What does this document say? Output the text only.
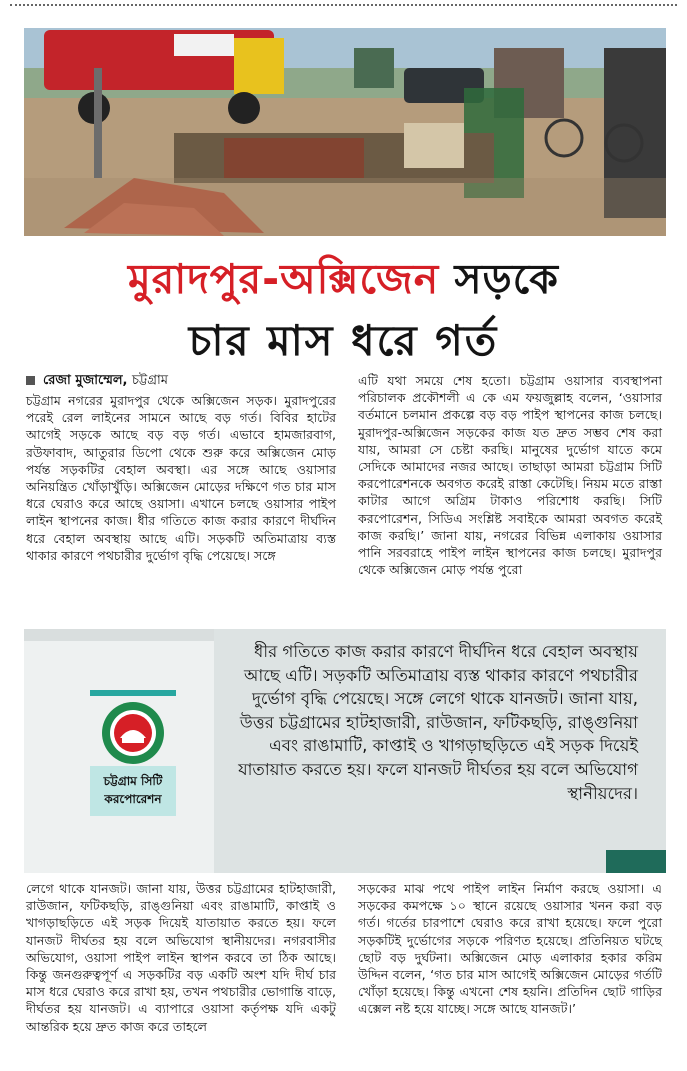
মুরাদপুর-অক্সিজেন সড়কে
চার মাস ধরে গর্ত
রেজা মুজাম্মেল, চট্টগ্রাম
চট্টগ্রাম নগরের মুরাদপুর থেকে অক্সিজেন সড়ক। মুরাদপুরের পরেই রেল লাইনের সামনে আছে বড় গর্ত। বিবির হাটের আগেই সড়কে আছে বড় বড় গর্ত। এভাবে হামজারবাগ, রউফাবাদ, আতুরার ডিপো থেকে শুরু করে অক্সিজেন মোড় পর্যন্ত সড়কটির বেহাল অবস্থা। এর সঙ্গে আছে ওয়াসার অনিয়ন্ত্রিত খোঁড়াখুঁড়ি। অক্সিজেন মোড়ের দক্ষিণে গত চার মাস ধরে ঘেরাও করে আছে ওয়াসা। এখানে চলছে ওয়াসার পাইপ লাইন স্থাপনের কাজ। ধীর গতিতে কাজ করার কারণে দীর্ঘদিন ধরে বেহাল অবস্থায় আছে এটি। সড়কটি অতিমাত্রায় ব্যস্ত থাকার কারণে পথচারীর দুর্ভোগ বৃদ্ধি পেয়েছে। সঙ্গে
এটি যথা সময়ে শেষ হতো। চট্টগ্রাম ওয়াসার ব্যবস্থাপনা পরিচালক প্রকৌশলী এ কে এম ফয়জুল্লাহ বলেন, ‘ওয়াসার বর্তমানে চলমান প্রকল্পে বড় বড় পাইপ স্থাপনের কাজ চলছে। মুরাদপুর-অক্সিজেন সড়কের কাজ যত দ্রুত সম্ভব শেষ করা যায়, আমরা সে চেষ্টা করছি। মানুষের দুর্ভোগ যাতে কমে সেদিকে আমাদের নজর আছে। তাছাড়া আমরা চট্টগ্রাম সিটি করপোরেশনকে অবগত করেই রাস্তা কেটেছি। নিয়ম মতে রাস্তা কাটার আগে অগ্রিম টাকাও পরিশোধ করছি। সিটি করপোরেশন, সিডিএ সংশ্লিষ্ট সবাইকে আমরা অবগত করেই কাজ করছি।’ জানা যায়, নগরের বিভিন্ন এলাকায় ওয়াসার পানি সরবরাহে পাইপ লাইন স্থাপনের কাজ চলছে। মুরাদপুর থেকে অক্সিজেন মোড় পর্যন্ত পুরো
চট্টগ্রাম সিটি করপোরেশন
ধীর গতিতে কাজ করার কারণে দীর্ঘদিন ধরে বেহাল অবস্থায় আছে এটি। সড়কটি অতিমাত্রায় ব্যস্ত থাকার কারণে পথচারীর দুর্ভোগ বৃদ্ধি পেয়েছে। সঙ্গে লেগে থাকে যানজট। জানা যায়, উত্তর চট্টগ্রামের হাটহাজারী, রাউজান, ফটিকছড়ি, রাঙ্গুনিয়া এবং রাঙামাটি, কাপ্তাই ও খাগড়াছড়িতে এই সড়ক দিয়েই যাতায়াত করতে হয়। ফলে যানজট দীর্ঘতর হয় বলে অভিযোগ স্থানীয়দের।
লেগে থাকে যানজট। জানা যায়, উত্তর চট্টগ্রামের হাটহাজারী, রাউজান, ফটিকছড়ি, রাঙ্গুনিয়া এবং রাঙামাটি, কাপ্তাই ও খাগড়াছড়িতে এই সড়ক দিয়েই যাতায়াত করতে হয়। ফলে যানজট দীর্ঘতর হয় বলে অভিযোগ স্থানীয়দের। নগরবাসীর অভিযোগ, ওয়াসা পাইপ লাইন স্থাপন করবে তা ঠিক আছে। কিন্তু জনগুরুত্বপূর্ণ এ সড়কটির বড় একটি অংশ যদি দীর্ঘ চার মাস ধরে ঘেরাও করে রাখা হয়, তখন পথচারীর ভোগান্তি বাড়ে, দীর্ঘতর হয় যানজট। এ ব্যাপারে ওয়াসা কর্তৃপক্ষ যদি একটু আন্তরিক হয়ে দ্রুত কাজ করে তাহলে
সড়কের মাঝ পথে পাইপ লাইন নির্মাণ করছে ওয়াসা। এ সড়কের কমপক্ষে ১০ স্থানে রয়েছে ওয়াসার খনন করা বড় গর্ত। গর্তের চারপাশে ঘেরাও করে রাখা হয়েছে। ফলে পুরো সড়কটিই দুর্ভোগের সড়কে পরিণত হয়েছে। প্রতিনিয়ত ঘটছে ছোট বড় দুর্ঘটনা। অক্সিজেন মোড় এলাকার হকার করিম উদ্দিন বলেন, ‘গত চার মাস আগেই অক্সিজেন মোড়ের গর্তটি খোঁড়া হয়েছে। কিন্তু এখনো শেষ হয়নি। প্রতিদিন ছোট গাড়ির এক্সেল নষ্ট হয়ে যাচ্ছে। সঙ্গে আছে যানজট।’
